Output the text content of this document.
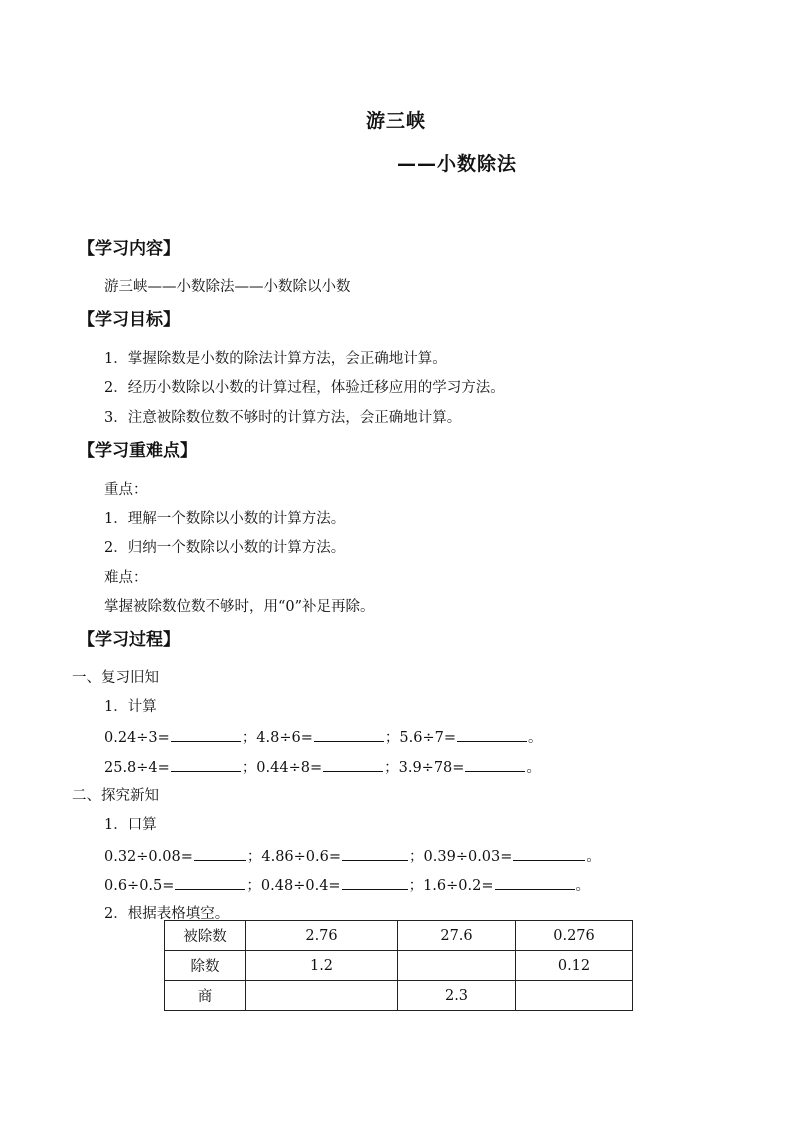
游三峡
——小数除法
【学习内容】
游三峡——小数除法——小数除以小数
【学习目标】
1．掌握除数是小数的除法计算方法，会正确地计算。
2．经历小数除以小数的计算过程，体验迁移应用的学习方法。
3．注意被除数位数不够时的计算方法，会正确地计算。
【学习重难点】
重点：
1．理解一个数除以小数的计算方法。
2．归纳一个数除以小数的计算方法。
难点：
掌握被除数位数不够时，用“0”补足再除。
【学习过程】
一、复习旧知
1．计算
0.24÷3=	；4.8÷6=	；5.6÷7=	。
25.8÷4=	；0.44÷8=	；3.9÷78=	。
二、探究新知
1．口算
0.32÷0.08=	；4.86÷0.6=	；0.39÷0.03=	。
0.6÷0.5=	；0.48÷0.4=	；1.6÷0.2=	。
2．根据表格填空。
被除数	2.76	27.6	0.276
除数	1.2		0.12
商		2.3	
